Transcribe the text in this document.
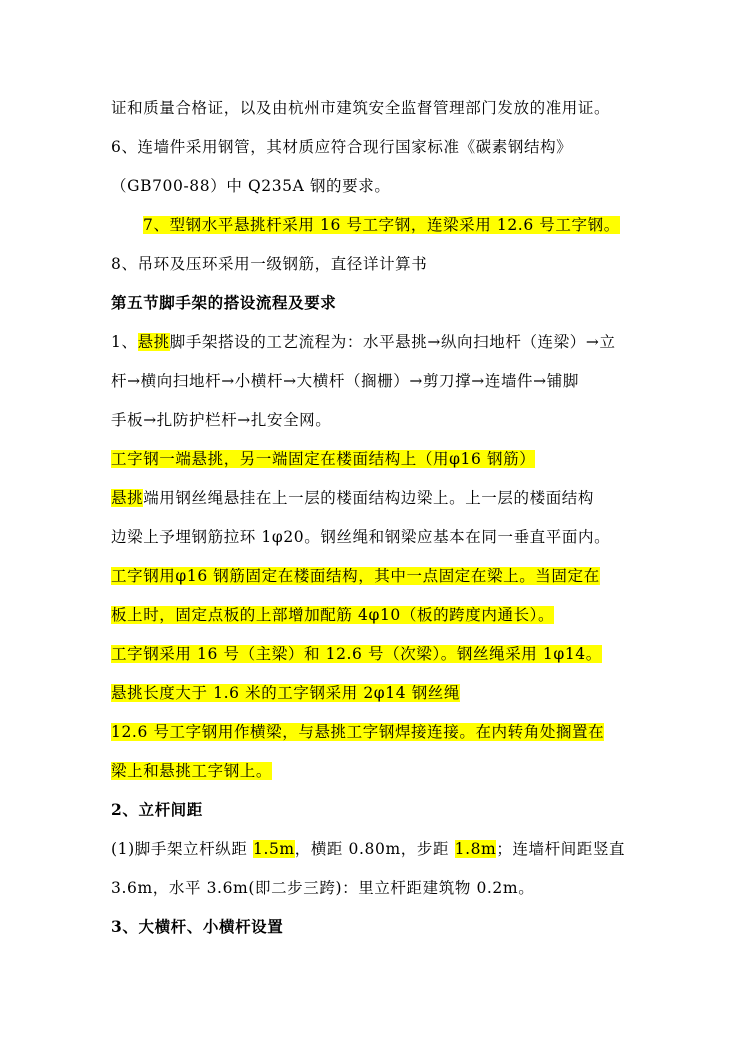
证和质量合格证，以及由杭州市建筑安全监督管理部门发放的准用证。
6、连墙件采用钢管，其材质应符合现行国家标准《碳素钢结构》
（GB700-88）中 Q235A 钢的要求。
7、型钢水平悬挑杆采用 16 号工字钢，连梁采用 12.6 号工字钢。
8、吊环及压环采用一级钢筋，直径详计算书
第五节脚手架的搭设流程及要求
1、悬挑脚手架搭设的工艺流程为：水平悬挑→纵向扫地杆（连梁）→立
杆→横向扫地杆→小横杆→大横杆（搁栅）→剪刀撑→连墙件→铺脚
手板→扎防护栏杆→扎安全网。
工字钢一端悬挑，另一端固定在楼面结构上（用φ16 钢筋）
悬挑端用钢丝绳悬挂在上一层的楼面结构边梁上。上一层的楼面结构
边梁上予埋钢筋拉环 1φ20。钢丝绳和钢梁应基本在同一垂直平面内。
工字钢用φ16 钢筋固定在楼面结构，其中一点固定在梁上。当固定在
板上时，固定点板的上部增加配筋 4φ10（板的跨度内通长）。
工字钢采用 16 号（主梁）和 12.6 号（次梁）。钢丝绳采用 1φ14。
悬挑长度大于 1.6 米的工字钢采用 2φ14 钢丝绳
12.6 号工字钢用作横梁，与悬挑工字钢焊接连接。在内转角处搁置在
梁上和悬挑工字钢上。
2、立杆间距
(1)脚手架立杆纵距 1.5m，横距 0.80m，步距 1.8m；连墙杆间距竖直
3.6m，水平 3.6m(即二步三跨)：里立杆距建筑物 0.2m。
3、大横杆、小横杆设置
